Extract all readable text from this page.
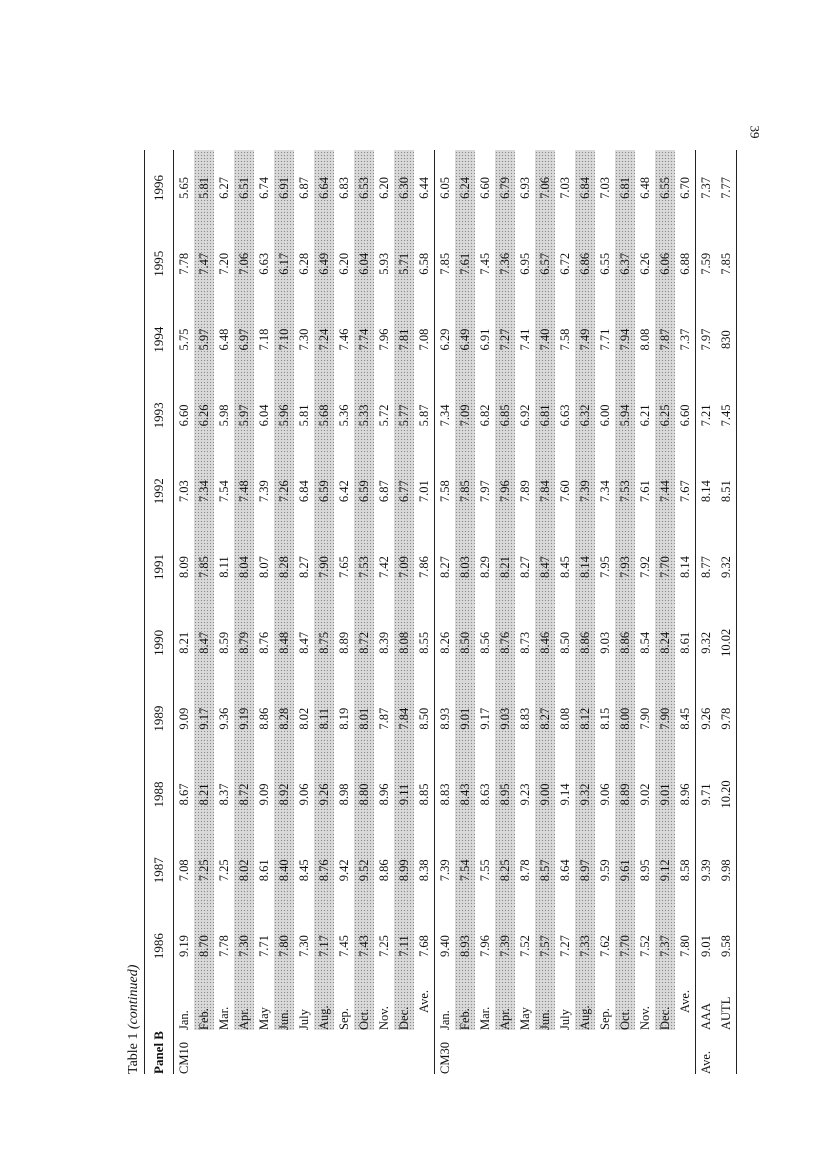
39
Table 1 (continued)
Panel B		1986	1987	1988	1989	1990	1991	1992	1993	1994	1995	1996
CM10	Jan.	9.19	7.08	8.67	9.09	8.21	8.09	7.03	6.60	5.75	7.78	5.65
	Feb.	8.70	7.25	8.21	9.17	8.47	7.85	7.34	6.26	5.97	7.47	5.81
	Mar.	7.78	7.25	8.37	9.36	8.59	8.11	7.54	5.98	6.48	7.20	6.27
	Apr.	7.30	8.02	8.72	9.19	8.79	8.04	7.48	5.97	6.97	7.06	6.51
	May	7.71	8.61	9.09	8.86	8.76	8.07	7.39	6.04	7.18	6.63	6.74
	Jun.	7.80	8.40	8.92	8.28	8.48	8.28	7.26	5.96	7.10	6.17	6.91
	July	7.30	8.45	9.06	8.02	8.47	8.27	6.84	5.81	7.30	6.28	6.87
	Aug.	7.17	8.76	9.26	8.11	8.75	7.90	6.59	5.68	7.24	6.49	6.64
	Sep.	7.45	9.42	8.98	8.19	8.89	7.65	6.42	5.36	7.46	6.20	6.83
	Oct.	7.43	9.52	8.80	8.01	8.72	7.53	6.59	5.33	7.74	6.04	6.53
	Nov.	7.25	8.86	8.96	7.87	8.39	7.42	6.87	5.72	7.96	5.93	6.20
	Dec.	7.11	8.99	9.11	7.84	8.08	7.09	6.77	5.77	7.81	5.71	6.30
	Ave.	7.68	8.38	8.85	8.50	8.55	7.86	7.01	5.87	7.08	6.58	6.44
CM30	Jan.	9.40	7.39	8.83	8.93	8.26	8.27	7.58	7.34	6.29	7.85	6.05
	Feb.	8.93	7.54	8.43	9.01	8.50	8.03	7.85	7.09	6.49	7.61	6.24
	Mar.	7.96	7.55	8.63	9.17	8.56	8.29	7.97	6.82	6.91	7.45	6.60
	Apr.	7.39	8.25	8.95	9.03	8.76	8.21	7.96	6.85	7.27	7.36	6.79
	May	7.52	8.78	9.23	8.83	8.73	8.27	7.89	6.92	7.41	6.95	6.93
	Jun.	7.57	8.57	9.00	8.27	8.46	8.47	7.84	6.81	7.40	6.57	7.06
	July	7.27	8.64	9.14	8.08	8.50	8.45	7.60	6.63	7.58	6.72	7.03
	Aug.	7.33	8.97	9.32	8.12	8.86	8.14	7.39	6.32	7.49	6.86	6.84
	Sep.	7.62	9.59	9.06	8.15	9.03	7.95	7.34	6.00	7.71	6.55	7.03
	Oct.	7.70	9.61	8.89	8.00	8.86	7.93	7.53	5.94	7.94	6.37	6.81
	Nov.	7.52	8.95	9.02	7.90	8.54	7.92	7.61	6.21	8.08	6.26	6.48
	Dec.	7.37	9.12	9.01	7.90	8.24	7.70	7.44	6.25	7.87	6.06	6.55
	Ave.	7.80	8.58	8.96	8.45	8.61	8.14	7.67	6.60	7.37	6.88	6.70
Ave.	AAA	9.01	9.39	9.71	9.26	9.32	8.77	8.14	7.21	7.97	7.59	7.37
	AUTL	9.58	9.98	10.20	9.78	10.02	9.32	8.51	7.45	830	7.85	7.77
